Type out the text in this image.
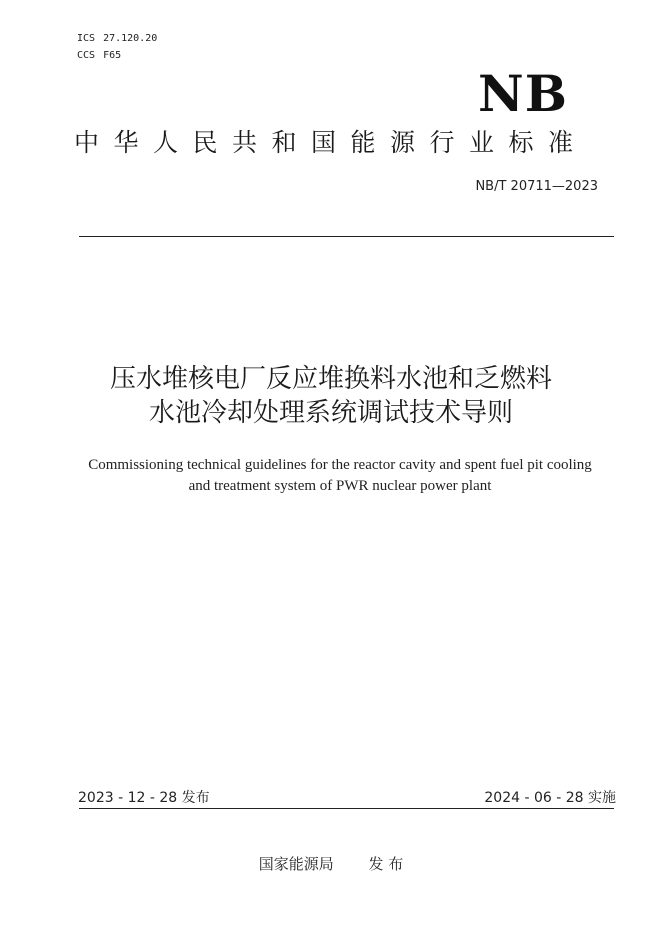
ICS 27.120.20
CCS F65
NB
中华人民共和国能源行业标准
NB/T 20711—2023
压水堆核电厂反应堆换料水池和乏燃料
水池冷却处理系统调试技术导则
Commissioning technical guidelines for the reactor cavity and spent fuel pit cooling
and treatment system of PWR nuclear power plant
2023 - 12 - 28 发布	2024 - 06 - 28 实施
国家能源局 发 布
